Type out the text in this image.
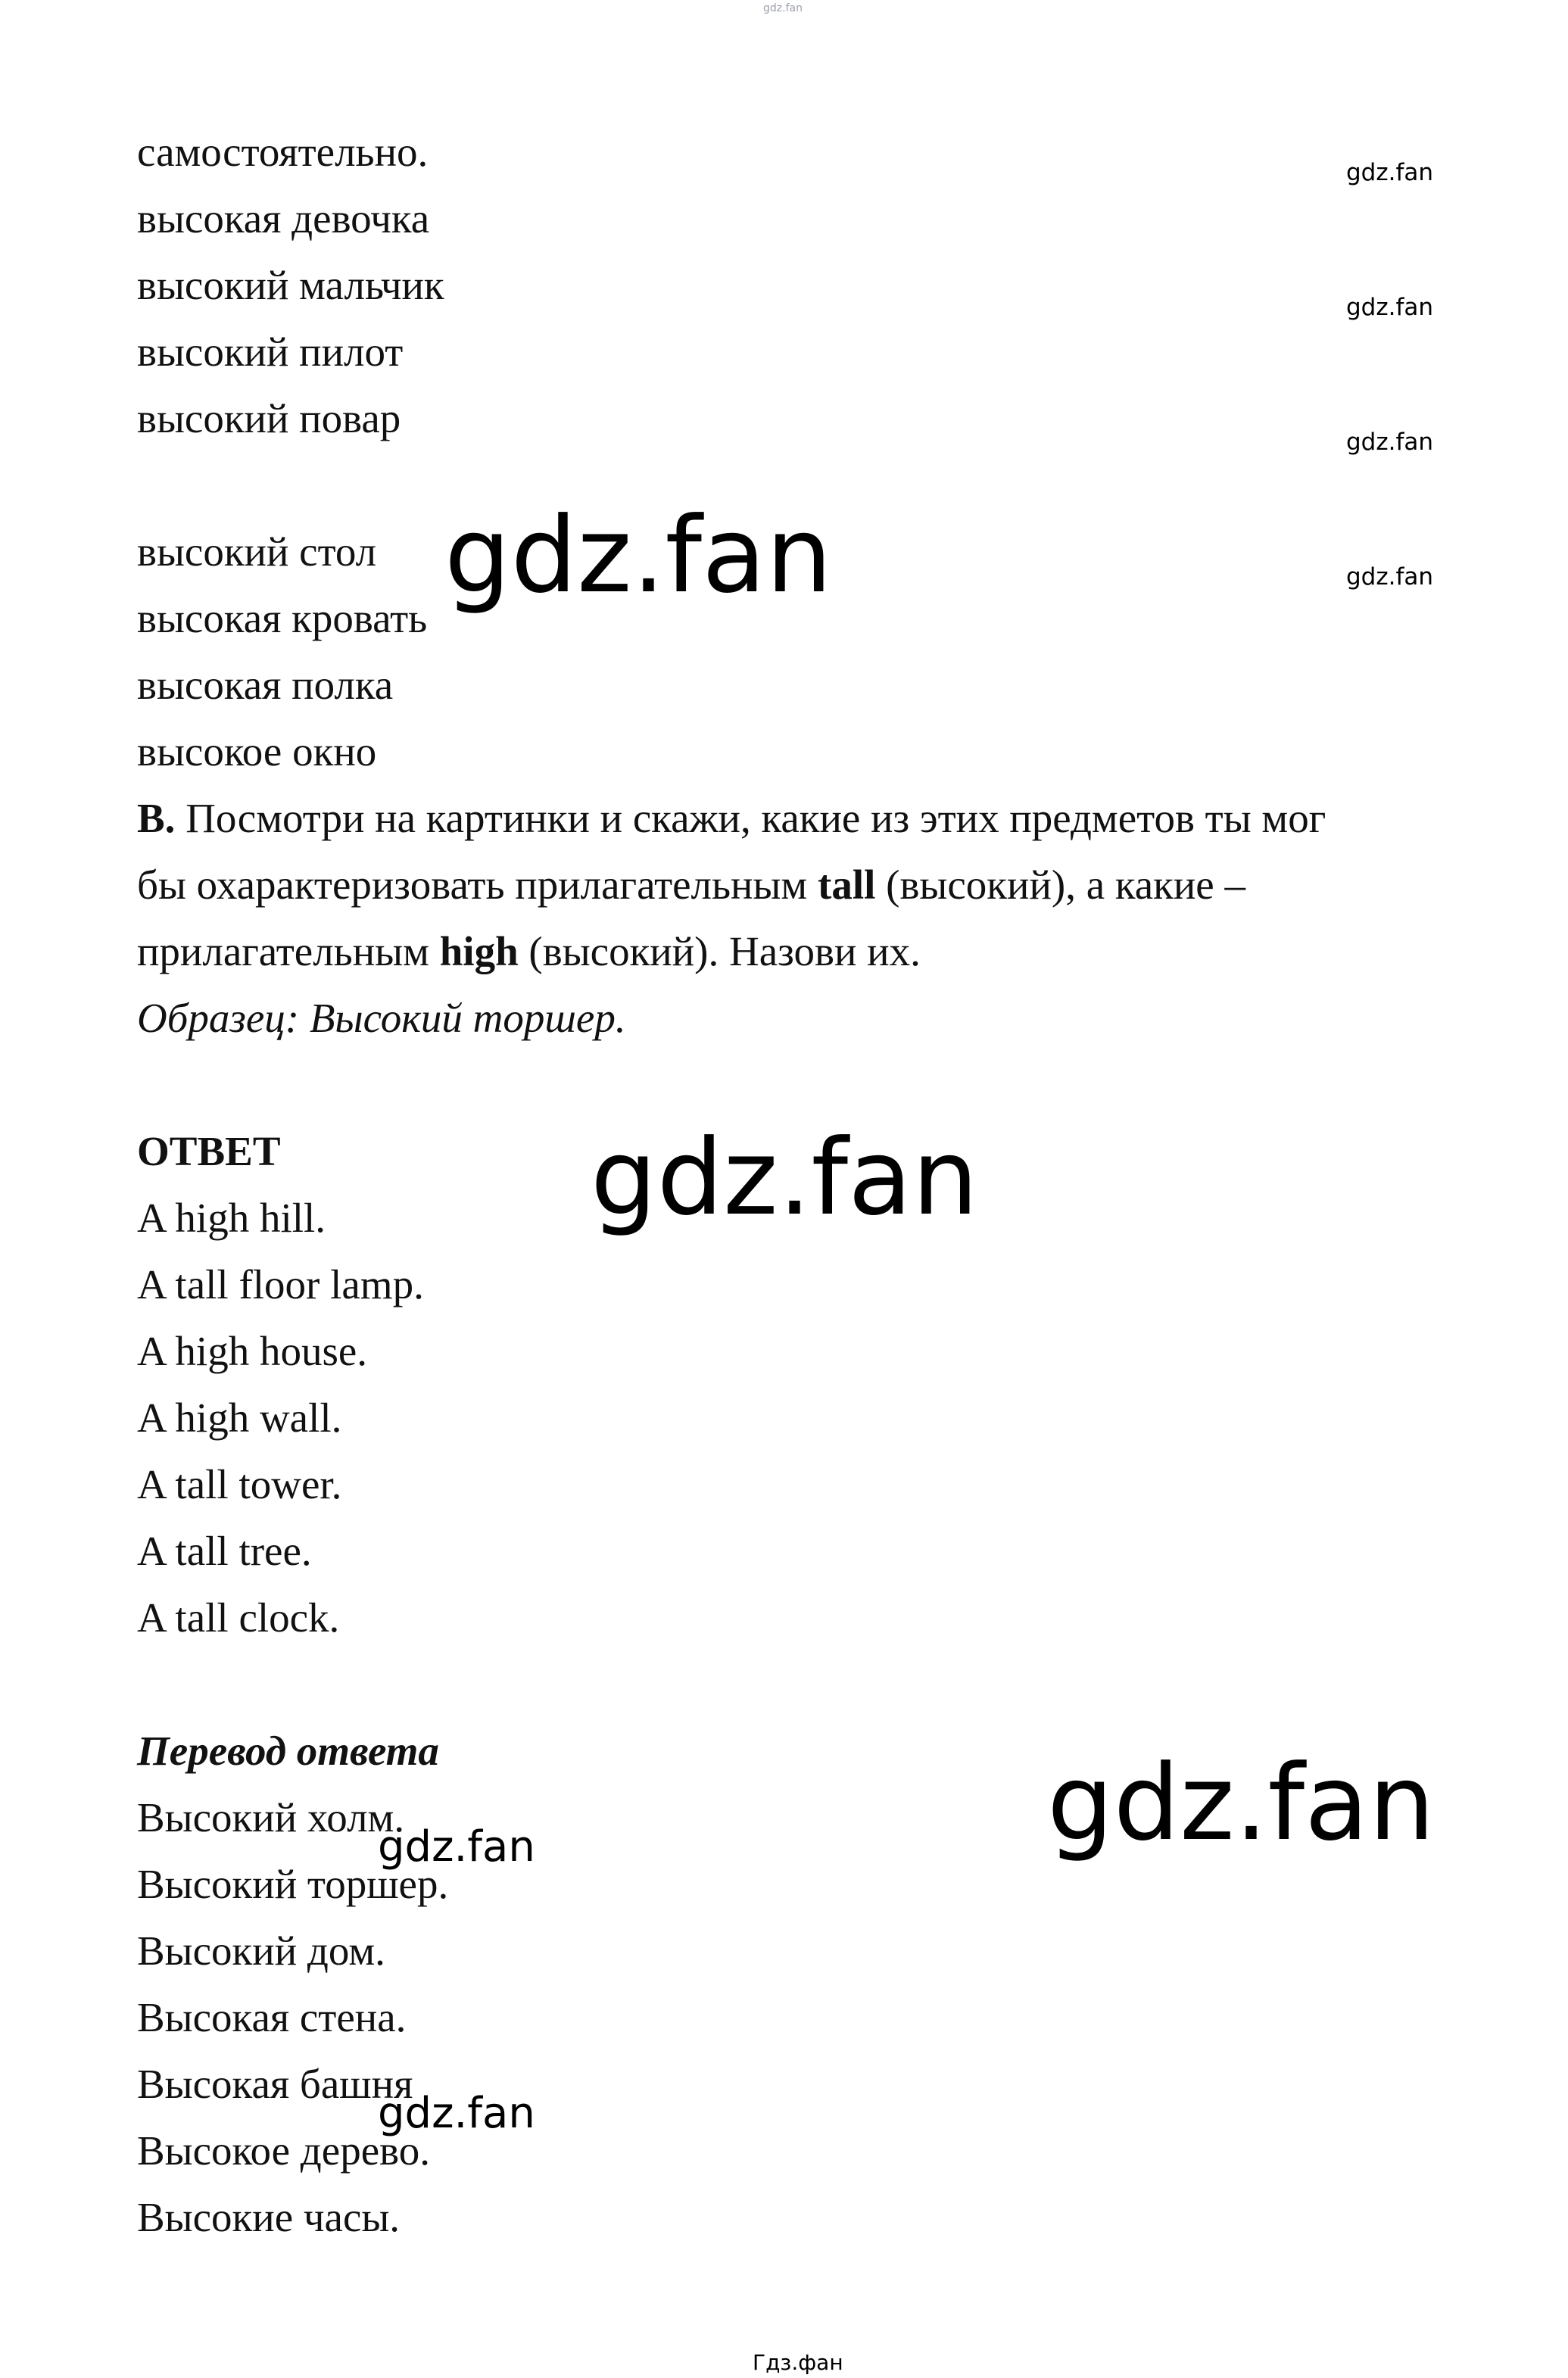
gdz.fan
самостоятельно.
высокая девочка
высокий мальчик
высокий пилот
высокий повар
высокий стол
высокая кровать
высокая полка
высокое окно
gdz.fan
gdz.fan
gdz.fan
gdz.fan
gdz.fan
gdz.fan
gdz.fan
B. Посмотри на картинки и скажи, какие из этих предметов ты мог
бы охарактеризовать прилагательным tall (высокий), а какие –
прилагательным high (высокий). Назови их.
Образец: Высокий торшер.
ОТВЕТ
A high hill.
A tall floor lamp.
A high house.
A high wall.
A tall tower.
A tall tree.
A tall clock.
Перевод ответа
Высокий холм.
Высокий торшер.
Высокий дом.
Высокая стена.
Высокая башня
Высокое дерево.
Высокие часы.
gdz.fan
gdz.fan
Гдз.фан
